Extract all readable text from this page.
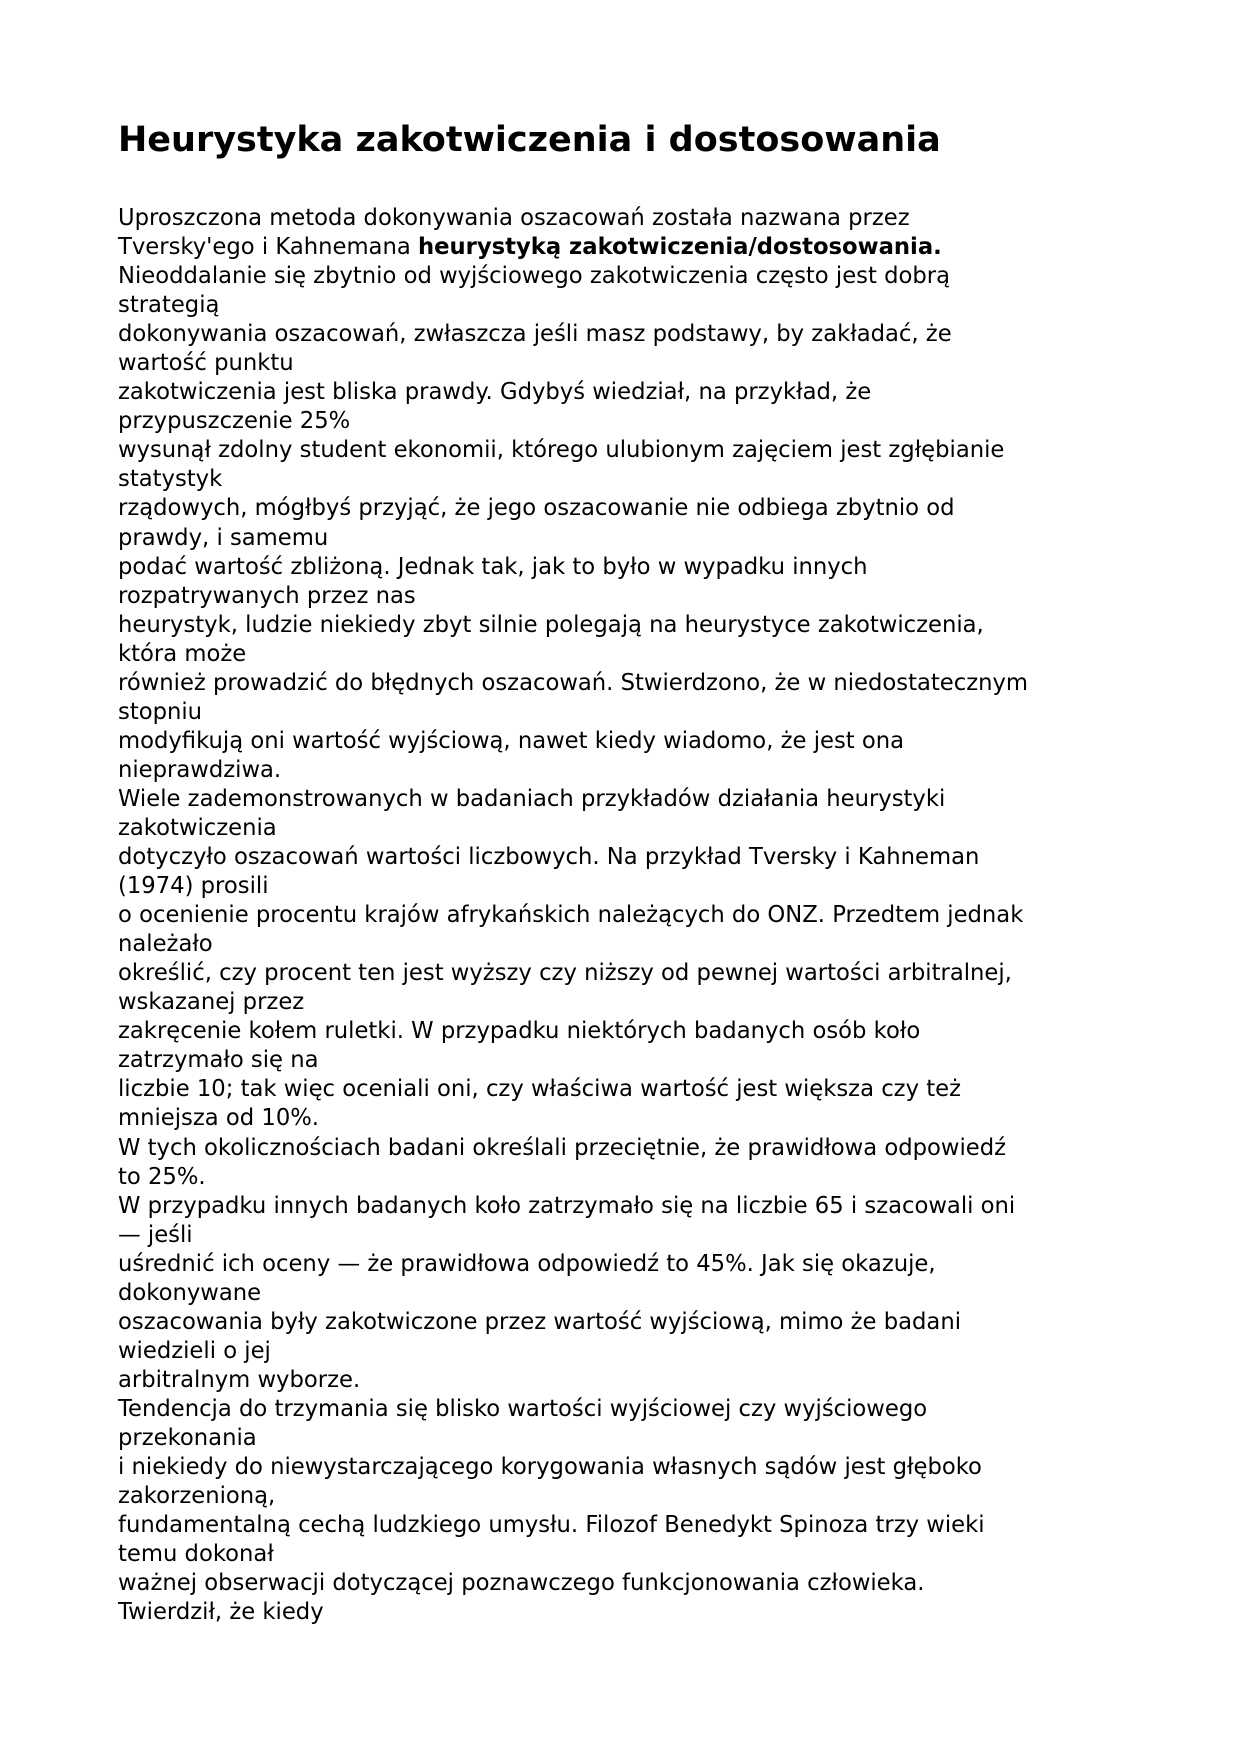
Heurystyka zakotwiczenia i dostosowania
Uproszczona metoda dokonywania oszacowań została nazwana przez
Tversky'ego i Kahnemana heurystyką zakotwiczenia/dostosowania.
Nieoddalanie się zbytnio od wyjściowego zakotwiczenia często jest dobrą
strategią
dokonywania oszacowań, zwłaszcza jeśli masz podstawy, by zakładać, że
wartość punktu
zakotwiczenia jest bliska prawdy. Gdybyś wiedział, na przykład, że
przypuszczenie 25%
wysunął zdolny student ekonomii, którego ulubionym zajęciem jest zgłębianie
statystyk
rządowych, mógłbyś przyjąć, że jego oszacowanie nie odbiega zbytnio od
prawdy, i samemu
podać wartość zbliżoną. Jednak tak, jak to było w wypadku innych
rozpatrywanych przez nas
heurystyk, ludzie niekiedy zbyt silnie polegają na heurystyce zakotwiczenia,
która może
również prowadzić do błędnych oszacowań. Stwierdzono, że w niedostatecznym
stopniu
modyfikują oni wartość wyjściową, nawet kiedy wiadomo, że jest ona
nieprawdziwa.
Wiele zademonstrowanych w badaniach przykładów działania heurystyki
zakotwiczenia
dotyczyło oszacowań wartości liczbowych. Na przykład Tversky i Kahneman
(1974) prosili
o ocenienie procentu krajów afrykańskich należących do ONZ. Przedtem jednak
należało
określić, czy procent ten jest wyższy czy niższy od pewnej wartości arbitralnej,
wskazanej przez
zakręcenie kołem ruletki. W przypadku niektórych badanych osób koło
zatrzymało się na
liczbie 10; tak więc oceniali oni, czy właściwa wartość jest większa czy też
mniejsza od 10%.
W tych okolicznościach badani określali przeciętnie, że prawidłowa odpowiedź
to 25%.
W przypadku innych badanych koło zatrzymało się na liczbie 65 i szacowali oni
— jeśli
uśrednić ich oceny — że prawidłowa odpowiedź to 45%. Jak się okazuje,
dokonywane
oszacowania były zakotwiczone przez wartość wyjściową, mimo że badani
wiedzieli o jej
arbitralnym wyborze.
Tendencja do trzymania się blisko wartości wyjściowej czy wyjściowego
przekonania
i niekiedy do niewystarczającego korygowania własnych sądów jest głęboko
zakorzenioną,
fundamentalną cechą ludzkiego umysłu. Filozof Benedykt Spinoza trzy wieki
temu dokonał
ważnej obserwacji dotyczącej poznawczego funkcjonowania człowieka.
Twierdził, że kiedy
